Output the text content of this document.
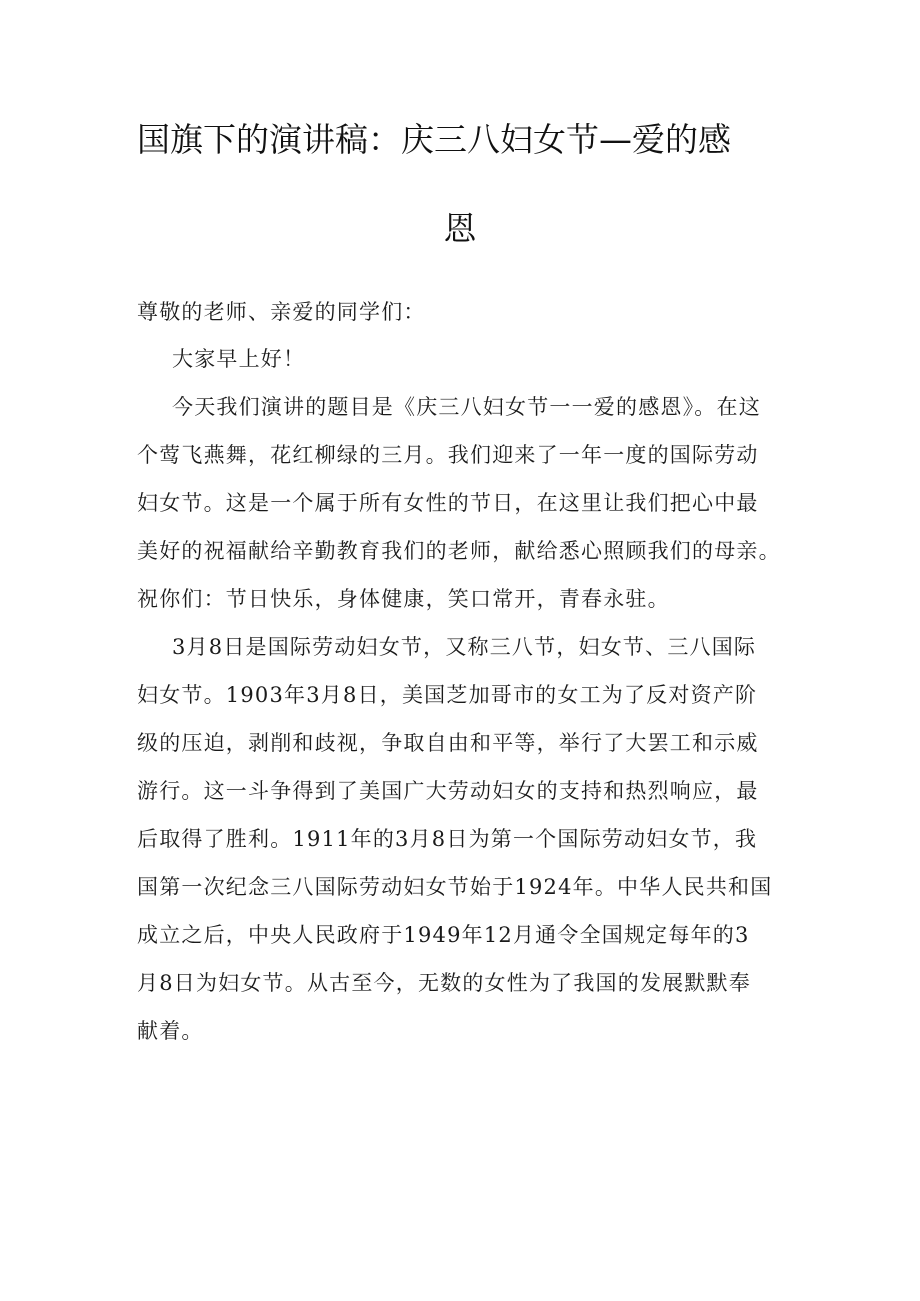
国旗下的演讲稿：庆三八妇女节—爱的感
恩
尊敬的老师、亲爱的同学们：
大家早上好！
今天我们演讲的题目是《庆三八妇女节一一爱的感恩》。在这
个莺飞燕舞，花红柳绿的三月。我们迎来了一年一度的国际劳动
妇女节。这是一个属于所有女性的节日，在这里让我们把心中最
美好的祝福献给辛勤教育我们的老师，献给悉心照顾我们的母亲。
祝你们：节日快乐，身体健康，笑口常开，青春永驻。
3月8日是国际劳动妇女节，又称三八节，妇女节、三八国际
妇女节。1903年3月8日，美国芝加哥市的女工为了反对资产阶
级的压迫，剥削和歧视，争取自由和平等，举行了大罢工和示威
游行。这一斗争得到了美国广大劳动妇女的支持和热烈响应，最
后取得了胜利。1911年的3月8日为第一个国际劳动妇女节，我
国第一次纪念三八国际劳动妇女节始于1924年。中华人民共和国
成立之后，中央人民政府于1949年12月通令全国规定每年的3
月8日为妇女节。从古至今，无数的女性为了我国的发展默默奉
献着。
